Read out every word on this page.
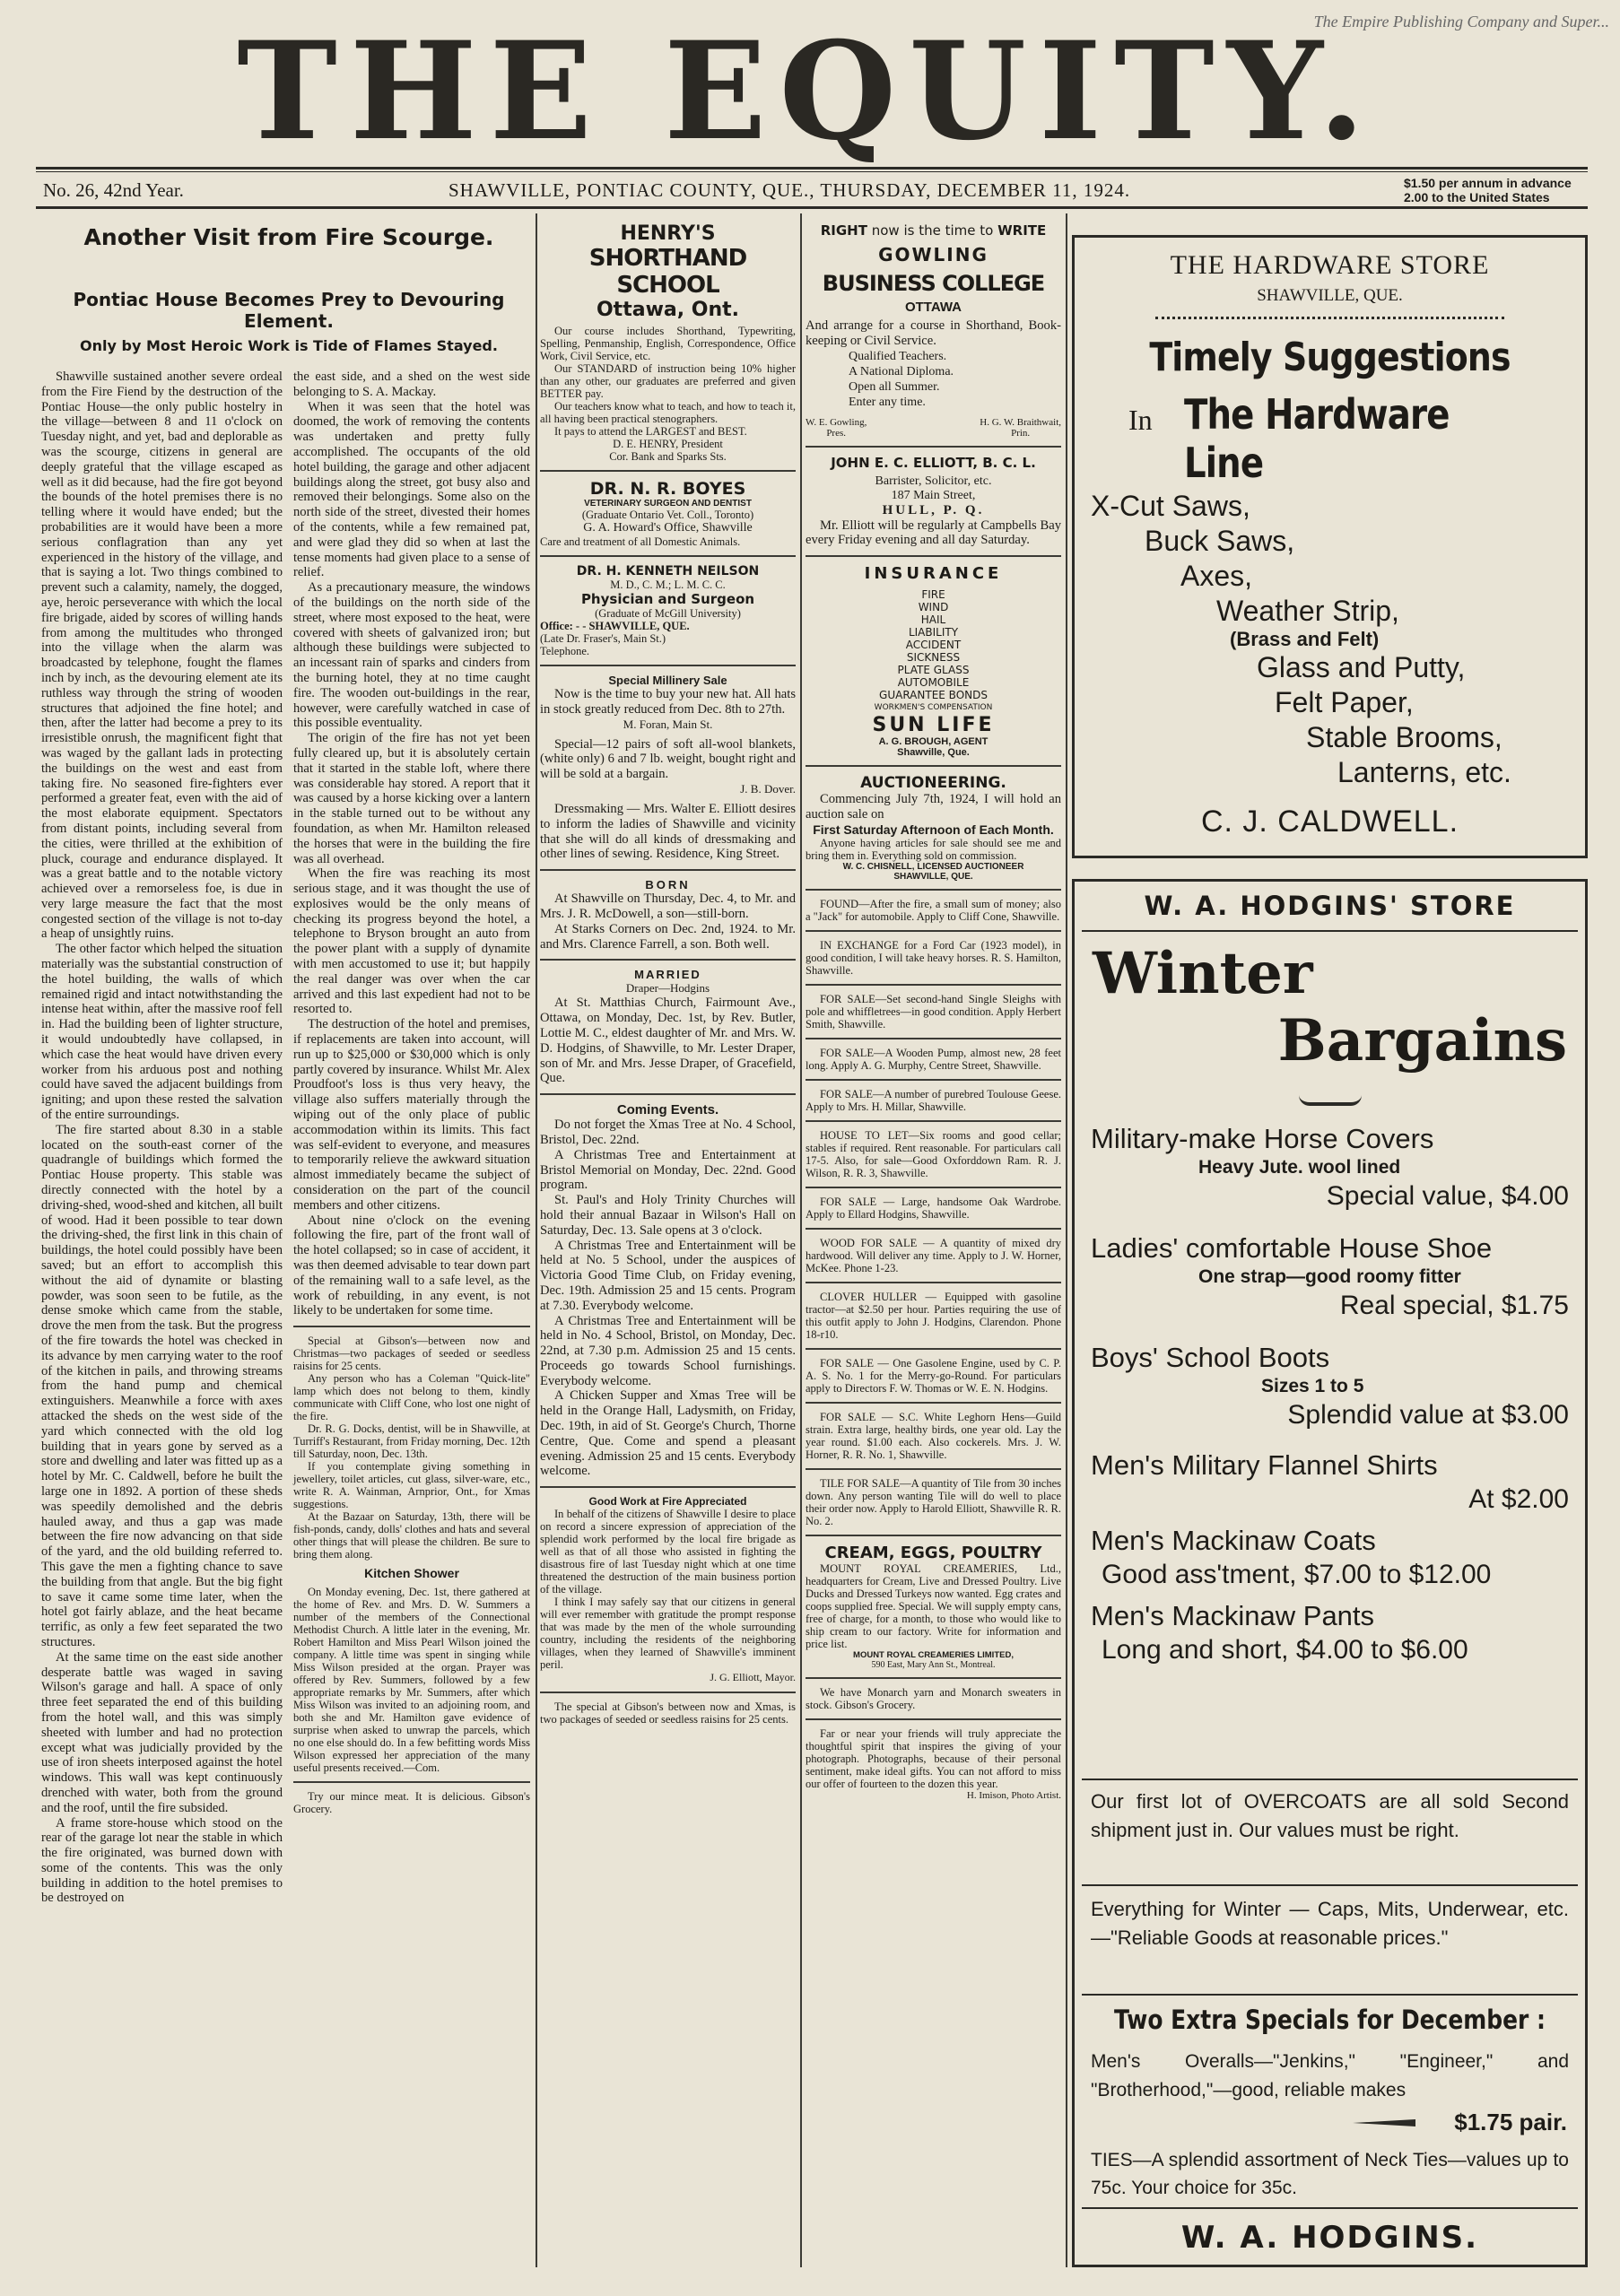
The Empire Publishing Company and Super...
THE EQUITY.
No. 26, 42nd Year.	SHAWVILLE, PONTIAC COUNTY, QUE., THURSDAY, DECEMBER 11, 1924.	$1.50 per annum in advance
2.00 to the United States
Another Visit from Fire Scourge.
Pontiac House Becomes Prey to Devouring Element.
Only by Most Heroic Work is Tide of Flames Stayed.

Shawville sustained another severe ordeal from the Fire Fiend by the destruction of the Pontiac House—the only public hostelry in the village—between 8 and 11 o'clock on Tuesday night, and yet, bad and deplorable as was the scourge, citizens in general are deeply grateful that the village escaped as well as it did because, had the fire got beyond the bounds of the hotel premises there is no telling where it would have ended; but the probabilities are it would have been a more serious conflagration than any yet experienced in the history of the village, and that is saying a lot. Two things combined to prevent such a calamity, namely, the dogged, aye, heroic perseverance with which the local fire brigade, aided by scores of willing hands from among the multitudes who thronged into the village when the alarm was broadcasted by telephone, fought the flames inch by inch, as the devouring element ate its ruthless way through the string of wooden structures that adjoined the fine hotel; and then, after the latter had become a prey to its irresistible onrush, the magnificent fight that was waged by the gallant lads in protecting the buildings on the west and east from taking fire. No seasoned fire-fighters ever performed a greater feat, even with the aid of the most elaborate equipment. Spectators from distant points, including several from the cities, were thrilled at the exhibition of pluck, courage and endurance displayed. It was a great battle and to the notable victory achieved over a remorseless foe, is due in very large measure the fact that the most congested section of the village is not to-day a heap of unsightly ruins.

The other factor which helped the situation materially was the substantial construction of the hotel building, the walls of which remained rigid and intact notwithstanding the intense heat within, after the massive roof fell in. Had the building been of lighter structure, it would undoubtedly have collapsed, in which case the heat would have driven every worker from his arduous post and nothing could have saved the adjacent buildings from igniting; and upon these rested the salvation of the entire surroundings.

The fire started about 8.30 in a stable located on the south-east corner of the quadrangle of buildings which formed the Pontiac House property. This stable was directly connected with the hotel by a driving-shed, wood-shed and kitchen, all built of wood. Had it been possible to tear down the driving-shed, the first link in this chain of buildings, the hotel could possibly have been saved; but an effort to accomplish this without the aid of dynamite or blasting powder, was soon seen to be futile, as the dense smoke which came from the stable, drove the men from the task. But the progress of the fire towards the hotel was checked in its advance by men carrying water to the roof of the kitchen in pails, and throwing streams from the hand pump and chemical extinguishers. Meanwhile a force with axes attacked the sheds on the west side of the yard which connected with the old log building that in years gone by served as a store and dwelling and later was fitted up as a hotel by Mr. C. Caldwell, before he built the large one in 1892. A portion of these sheds was speedily demolished and the debris hauled away, and thus a gap was made between the fire now advancing on that side of the yard, and the old building referred to. This gave the men a fighting chance to save the building from that angle. But the big fight to save it came some time later, when the hotel got fairly ablaze, and the heat became terrific, as only a few feet separated the two structures.

At the same time on the east side another desperate battle was waged in saving Wilson's garage and hall. A space of only three feet separated the end of this building from the hotel wall, and this was simply sheeted with lumber and had no protection except what was judicially provided by the use of iron sheets interposed against the hotel windows. This wall was kept continuously drenched with water, both from the ground and the roof, until the fire subsided.

A frame store-house which stood on the rear of the garage lot near the stable in which the fire originated, was burned down with some of the contents. This was the only building in addition to the hotel premises to be destroyed on

the east side, and a shed on the west side belonging to S. A. Mackay.

When it was seen that the hotel was doomed, the work of removing the contents was undertaken and pretty fully accomplished. The occupants of the old hotel building, the garage and other adjacent buildings along the street, got busy also and removed their belongings. Some also on the north side of the street, divested their homes of the contents, while a few remained pat, and were glad they did so when at last the tense moments had given place to a sense of relief.

As a precautionary measure, the windows of the buildings on the north side of the street, where most exposed to the heat, were covered with sheets of galvanized iron; but although these buildings were subjected to an incessant rain of sparks and cinders from the burning hotel, they at no time caught fire. The wooden out-buildings in the rear, however, were carefully watched in case of this possible eventuality.

The origin of the fire has not yet been fully cleared up, but it is absolutely certain that it started in the stable loft, where there was considerable hay stored. A report that it was caused by a horse kicking over a lantern in the stable turned out to be without any foundation, as when Mr. Hamilton released the horses that were in the building the fire was all overhead.

When the fire was reaching its most serious stage, and it was thought the use of explosives would be the only means of checking its progress beyond the hotel, a telephone to Bryson brought an auto from the power plant with a supply of dynamite with men accustomed to use it; but happily the real danger was over when the car arrived and this last expedient had not to be resorted to.

The destruction of the hotel and premises, if replacements are taken into account, will run up to $25,000 or $30,000 which is only partly covered by insurance. Whilst Mr. Alex Proudfoot's loss is thus very heavy, the village also suffers materially through the wiping out of the only place of public accommodation within its limits. This fact was self-evident to everyone, and measures to temporarily relieve the awkward situation almost immediately became the subject of consideration on the part of the council members and other citizens.

About nine o'clock on the evening following the fire, part of the front wall of the hotel collapsed; so in case of accident, it was then deemed advisable to tear down part of the remaining wall to a safe level, as the work of rebuilding, in any event, is not likely to be undertaken for some time.

Special at Gibson's—between now and Christmas—two packages of seeded or seedless raisins for 25 cents.

Any person who has a Coleman "Quick-lite" lamp which does not belong to them, kindly communicate with Cliff Cone, who lost one night of the fire.

Dr. R. G. Docks, dentist, will be in Shawville, at Turriff's Restaurant, from Friday morning, Dec. 12th till Saturday, noon, Dec. 13th.

If you contemplate giving something in jewellery, toilet articles, cut glass, silver-ware, etc., write R. A. Wainman, Arnprior, Ont., for Xmas suggestions.

At the Bazaar on Saturday, 13th, there will be fish-ponds, candy, dolls' clothes and hats and several other things that will please the children. Be sure to bring them along.

Kitchen Shower

On Monday evening, Dec. 1st, there gathered at the home of Rev. and Mrs. D. W. Summers a number of the members of the Connectional Methodist Church. A little later in the evening, Mr. Robert Hamilton and Miss Pearl Wilson joined the company. A little time was spent in singing while Miss Wilson presided at the organ. Prayer was offered by Rev. Summers, followed by a few appropriate remarks by Mr. Summers, after which Miss Wilson was invited to an adjoining room, and both she and Mr. Hamilton gave evidence of surprise when asked to unwrap the parcels, which no one else should do. In a few befitting words Miss Wilson expressed her appreciation of the many useful presents received.—Com.

Try our mince meat. It is delicious. Gibson's Grocery.

HENRY'S
SHORTHAND SCHOOL
Ottawa, Ont.

Our course includes Shorthand, Typewriting, Spelling, Penmanship, English, Correspondence, Office Work, Civil Service, etc.

Our STANDARD of instruction being 10% higher than any other, our graduates are preferred and given BETTER pay.

Our teachers know what to teach, and how to teach it, all having been practical stenographers.

It pays to attend the LARGEST and BEST.

D. E. HENRY, President
Cor. Bank and Sparks Sts.
DR. N. R. BOYES
VETERINARY SURGEON AND DENTIST
(Graduate Ontario Vet. Coll., Toronto)
G. A. Howard's Office, Shawville

Care and treatment of all Domestic Animals.

DR. H. KENNETH NEILSON
M. D., C. M.; L. M. C. C.
Physician and Surgeon
(Graduate of McGill University)
Office: - - SHAWVILLE, QUE.
(Late Dr. Fraser's, Main St.)
Telephone.
Special Millinery Sale

Now is the time to buy your new hat. All hats in stock greatly reduced from Dec. 8th to 27th.

M. Foran, Main St.

Special—12 pairs of soft all-wool blankets, (white only) 6 and 7 lb. weight, bought right and will be sold at a bargain.

J. B. Dover.

Dressmaking — Mrs. Walter E. Elliott desires to inform the ladies of Shawville and vicinity that she will do all kinds of dressmaking and other lines of sewing. Residence, King Street.

BORN

At Shawville on Thursday, Dec. 4, to Mr. and Mrs. J. R. McDowell, a son—still-born.

At Starks Corners on Dec. 2nd, 1924. to Mr. and Mrs. Clarence Farrell, a son. Both well.

MARRIED
Draper—Hodgins

At St. Matthias Church, Fairmount Ave., Ottawa, on Monday, Dec. 1st, by Rev. Butler, Lottie M. C., eldest daughter of Mr. and Mrs. W. D. Hodgins, of Shawville, to Mr. Lester Draper, son of Mr. and Mrs. Jesse Draper, of Gracefield, Que.

Coming Events.

Do not forget the Xmas Tree at No. 4 School, Bristol, Dec. 22nd.

A Christmas Tree and Entertainment at Bristol Memorial on Monday, Dec. 22nd. Good program.

St. Paul's and Holy Trinity Churches will hold their annual Bazaar in Wilson's Hall on Saturday, Dec. 13. Sale opens at 3 o'clock.

A Christmas Tree and Entertainment will be held at No. 5 School, under the auspices of Victoria Good Time Club, on Friday evening, Dec. 19th. Admission 25 and 15 cents. Program at 7.30. Everybody welcome.

A Christmas Tree and Entertainment will be held in No. 4 School, Bristol, on Monday, Dec. 22nd, at 7.30 p.m. Admission 25 and 15 cents. Proceeds go towards School furnishings. Everybody welcome.

A Chicken Supper and Xmas Tree will be held in the Orange Hall, Ladysmith, on Friday, Dec. 19th, in aid of St. George's Church, Thorne Centre, Que. Come and spend a pleasant evening. Admission 25 and 15 cents. Everybody welcome.

Good Work at Fire Appreciated

In behalf of the citizens of Shawville I desire to place on record a sincere expression of appreciation of the splendid work performed by the local fire brigade as well as that of all those who assisted in fighting the disastrous fire of last Tuesday night which at one time threatened the destruction of the main business portion of the village.

I think I may safely say that our citizens in general will ever remember with gratitude the prompt response that was made by the men of the whole surrounding country, including the residents of the neighboring villages, when they learned of Shawville's imminent peril.

J. G. Elliott, Mayor.

The special at Gibson's between now and Xmas, is two packages of seeded or seedless raisins for 25 cents.

RIGHT now is the time to WRITE
GOWLING
BUSINESS COLLEGE
OTTAWA

And arrange for a course in Shorthand, Book-keeping or Civil Service.

Qualified Teachers.
A National Diploma.
Open all Summer.
Enter any time.
W. E. Gowling,
Pres.
H. G. W. Braithwait,
Prin.
JOHN E. C. ELLIOTT, B. C. L.
Barrister, Solicitor, etc.
187 Main Street,
HULL, P. Q.

Mr. Elliott will be regularly at Campbells Bay every Friday evening and all day Saturday.

INSURANCE
FIRE
WIND
HAIL
LIABILITY
ACCIDENT
SICKNESS
PLATE GLASS
AUTOMOBILE
GUARANTEE BONDS
WORKMEN'S COMPENSATION
SUN LIFE
A. G. BROUGH, AGENT
Shawville, Que.
AUCTIONEERING.

Commencing July 7th, 1924, I will hold an auction sale on

First Saturday Afternoon of Each Month.

Anyone having articles for sale should see me and bring them in. Everything sold on commission.

W. C. CHISNELL, LICENSED AUCTIONEER
SHAWVILLE, QUE.

FOUND—After the fire, a small sum of money; also a "Jack" for automobile. Apply to Cliff Cone, Shawville.

IN EXCHANGE for a Ford Car (1923 model), in good condition, I will take heavy horses. R. S. Hamilton, Shawville.

FOR SALE—Set second-hand Single Sleighs with pole and whiffletrees—in good condition. Apply Herbert Smith, Shawville.

FOR SALE—A Wooden Pump, almost new, 28 feet long. Apply A. G. Murphy, Centre Street, Shawville.

FOR SALE—A number of purebred Toulouse Geese. Apply to Mrs. H. Millar, Shawville.

HOUSE TO LET—Six rooms and good cellar; stables if required. Rent reasonable. For particulars call 17-5. Also, for sale—Good Oxforddown Ram. R. J. Wilson, R. R. 3, Shawville.

FOR SALE — Large, handsome Oak Wardrobe. Apply to Ellard Hodgins, Shawville.

WOOD FOR SALE — A quantity of mixed dry hardwood. Will deliver any time. Apply to J. W. Horner, McKee. Phone 1-23.

CLOVER HULLER — Equipped with gasoline tractor—at $2.50 per hour. Parties requiring the use of this outfit apply to John J. Hodgins, Clarendon. Phone 18-r10.

FOR SALE — One Gasolene Engine, used by C. P. A. S. No. 1 for the Merry-go-Round. For particulars apply to Directors F. W. Thomas or W. E. N. Hodgins.

FOR SALE — S.C. White Leghorn Hens—Guild strain. Extra large, healthy birds, one year old. Lay the year round. $1.00 each. Also cockerels. Mrs. J. W. Horner, R. R. No. 1, Shawville.

TILE FOR SALE—A quantity of Tile from 30 inches down. Any person wanting Tile will do well to place their order now. Apply to Harold Elliott, Shawville R. R. No. 2.

CREAM, EGGS, POULTRY

MOUNT ROYAL CREAMERIES, Ltd., headquarters for Cream, Live and Dressed Poultry. Live Ducks and Dressed Turkeys now wanted. Egg crates and coops supplied free. Special. We will supply empty cans, free of charge, for a month, to those who would like to ship cream to our factory. Write for information and price list.

MOUNT ROYAL CREAMERIES LIMITED,
590 East, Mary Ann St., Montreal.

We have Monarch yarn and Monarch sweaters in stock. Gibson's Grocery.

Far or near your friends will truly appreciate the thoughtful spirit that inspires the giving of your photograph. Photographs, because of their personal sentiment, make ideal gifts. You can not afford to miss our offer of fourteen to the dozen this year.

H. Imison, Photo Artist.
THE HARDWARE STORE
SHAWVILLE, QUE.
Timely Suggestions
In The Hardware Line
X-Cut Saws,
Buck Saws,
Axes,
Weather Strip,
(Brass and Felt)
Glass and Putty,
Felt Paper,
Stable Brooms,
Lanterns, etc.
C. J. CALDWELL.
W. A. HODGINS' STORE
Winter
Bargains
Military-make Horse Covers
Heavy Jute. wool lined
Special value, $4.00
Ladies' comfortable House Shoe
One strap—good roomy fitter
Real special, $1.75
Boys' School Boots
Sizes 1 to 5
Splendid value at $3.00
Men's Military Flannel Shirts
At $2.00
Men's Mackinaw Coats
Good ass'tment, $7.00 to $12.00
Men's Mackinaw Pants
Long and short, $4.00 to $6.00
Our first lot of OVERCOATS are all sold Second shipment just in. Our values must be right.
Everything for Winter — Caps, Mits, Underwear, etc.—"Reliable Goods at reasonable prices."
Two Extra Specials for December :
Men's Overalls—"Jenkins," "Engineer," and "Brotherhood,"—good, reliable makes
$1.75 pair.
TIES—A splendid assortment of Neck Ties—values up to 75c. Your choice for 35c.
W. A. HODGINS.
